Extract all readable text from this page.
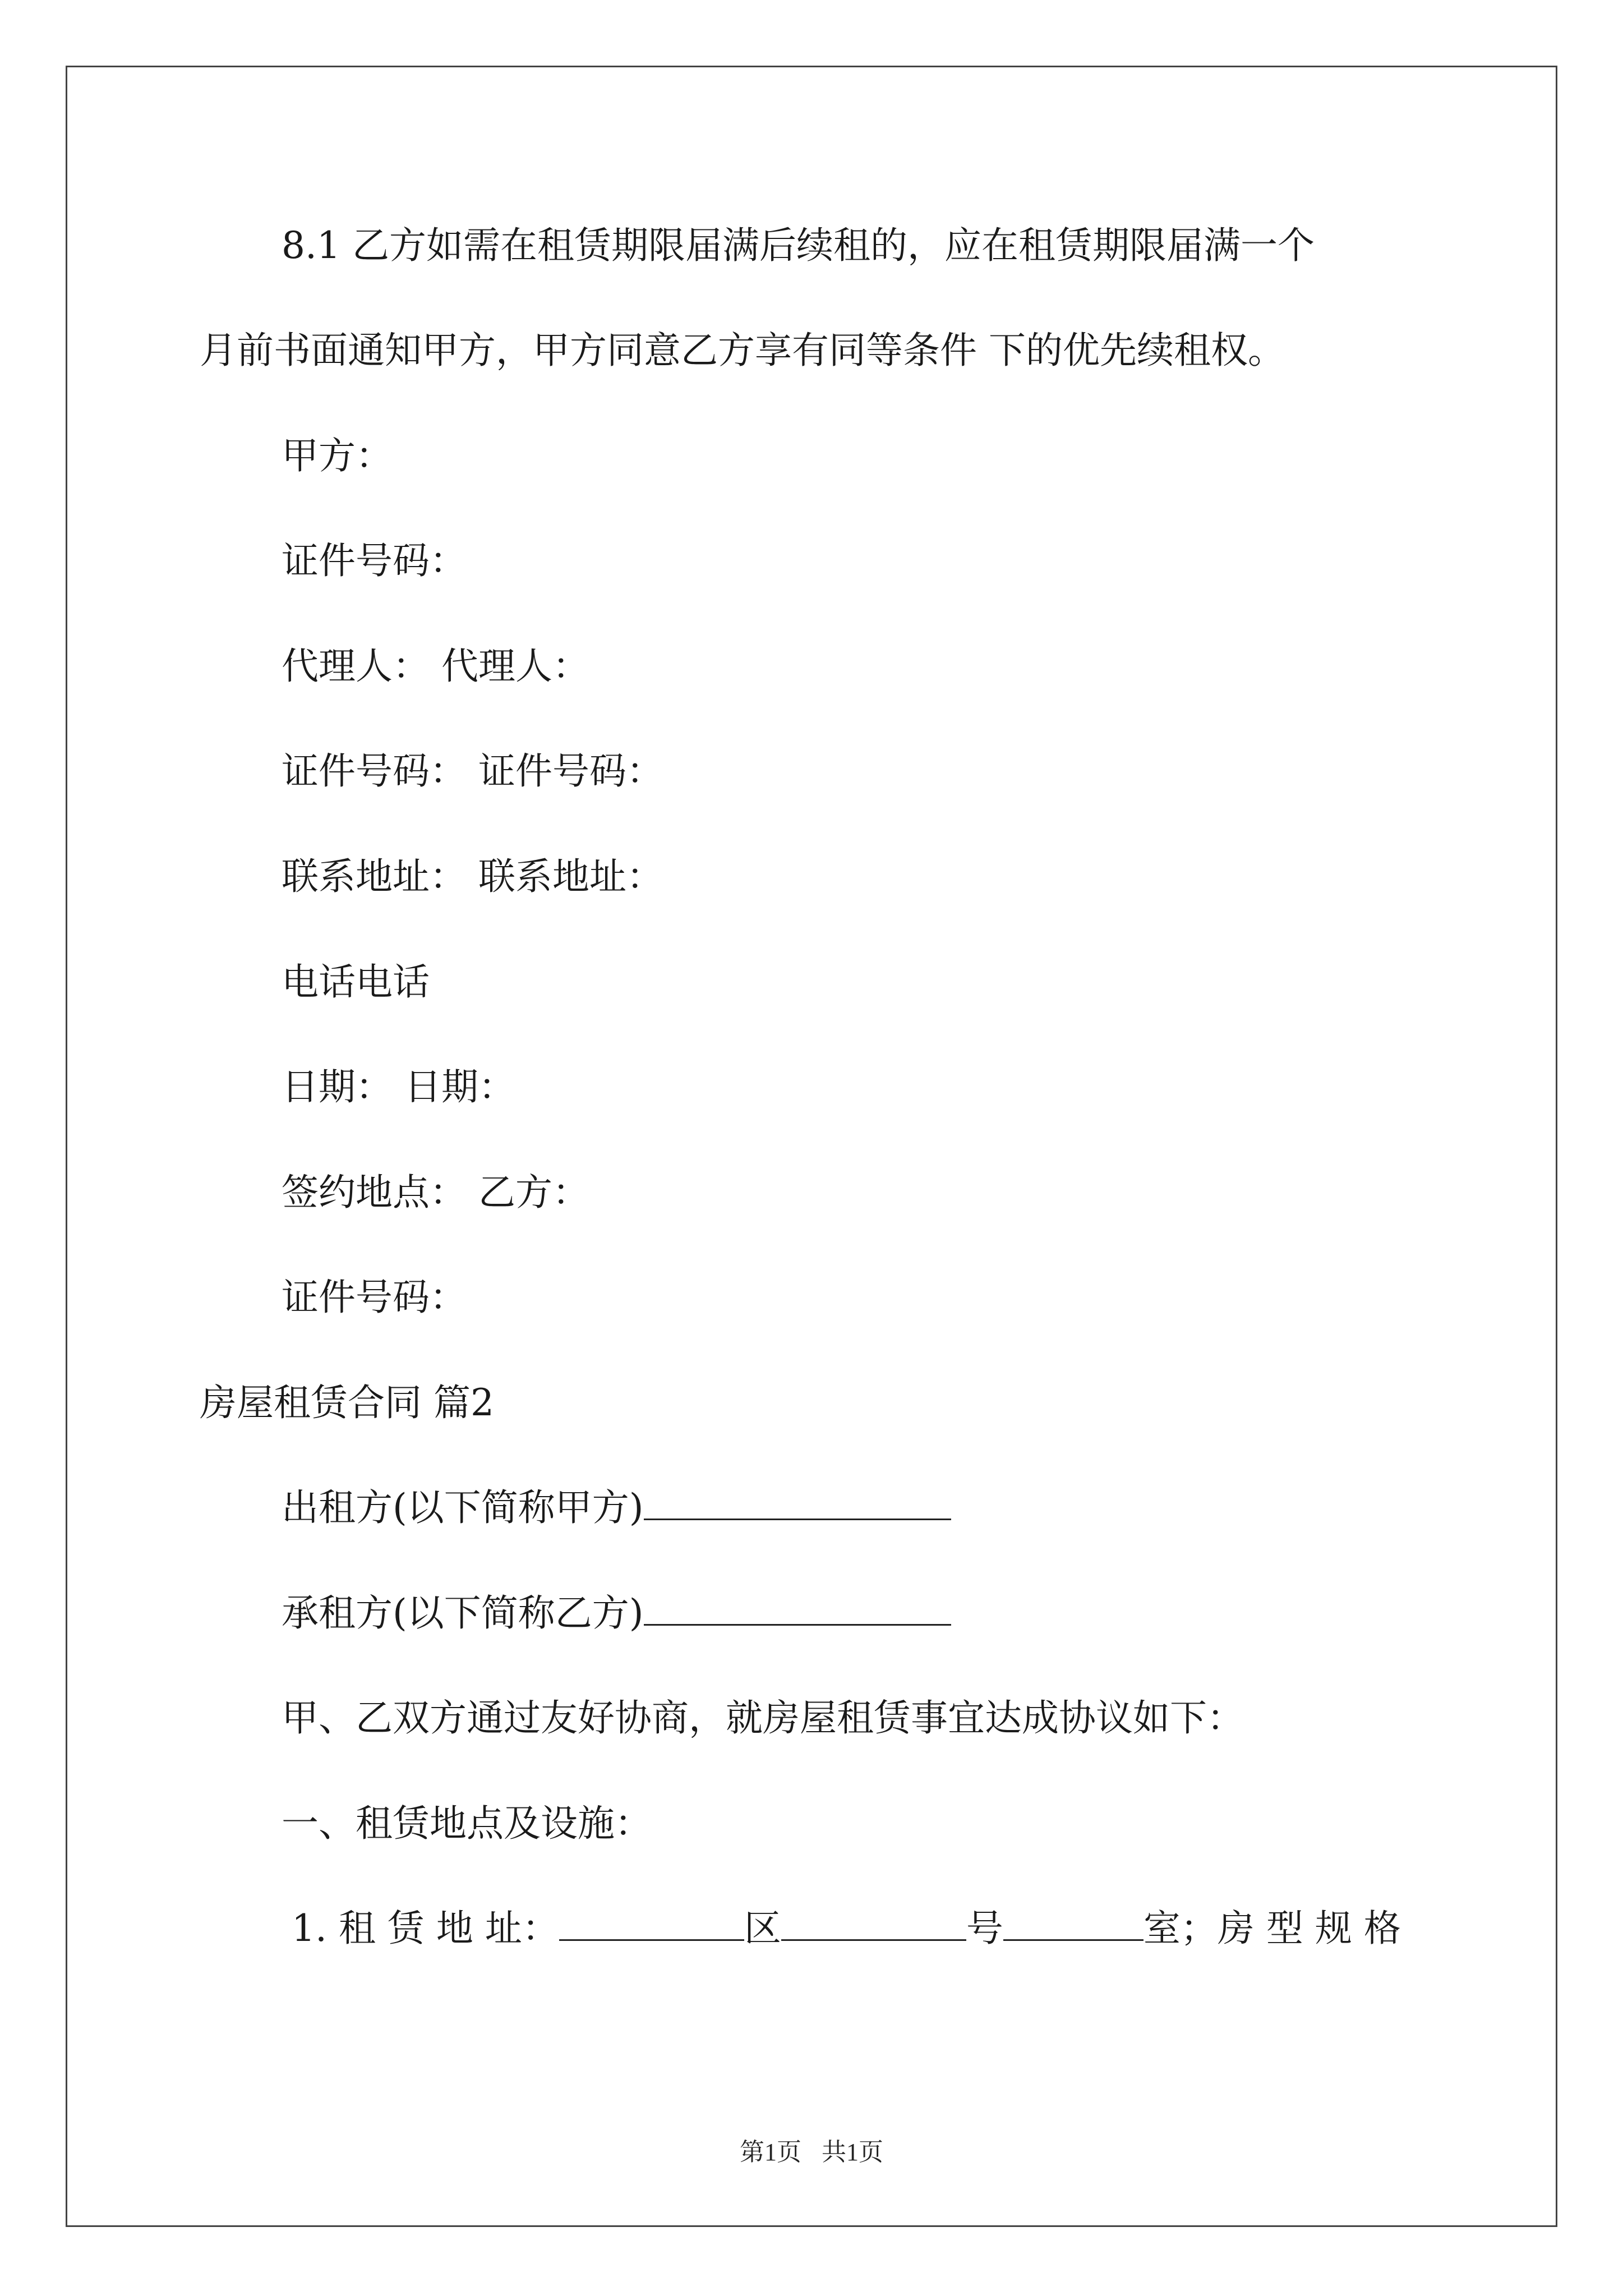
8.1 乙方如需在租赁期限届满后续租的，应在租赁期限届满一个
月前书面通知甲方，甲方同意乙方享有同等条件 下的优先续租权。
甲方：
证件号码：
代理人： 代理人：
证件号码： 证件号码：
联系地址： 联系地址：
电话电话
日期： 日期：
签约地点： 乙方：
证件号码：
房屋租赁合同 篇2
出租方(以下简称甲方)
承租方(以下简称乙方)
甲、乙双方通过友好协商，就房屋租赁事宜达成协议如下：
一、租赁地点及设施：
1. 租 赁 地 址：	区	号	室；房 型 规 格
第1页 共1页
